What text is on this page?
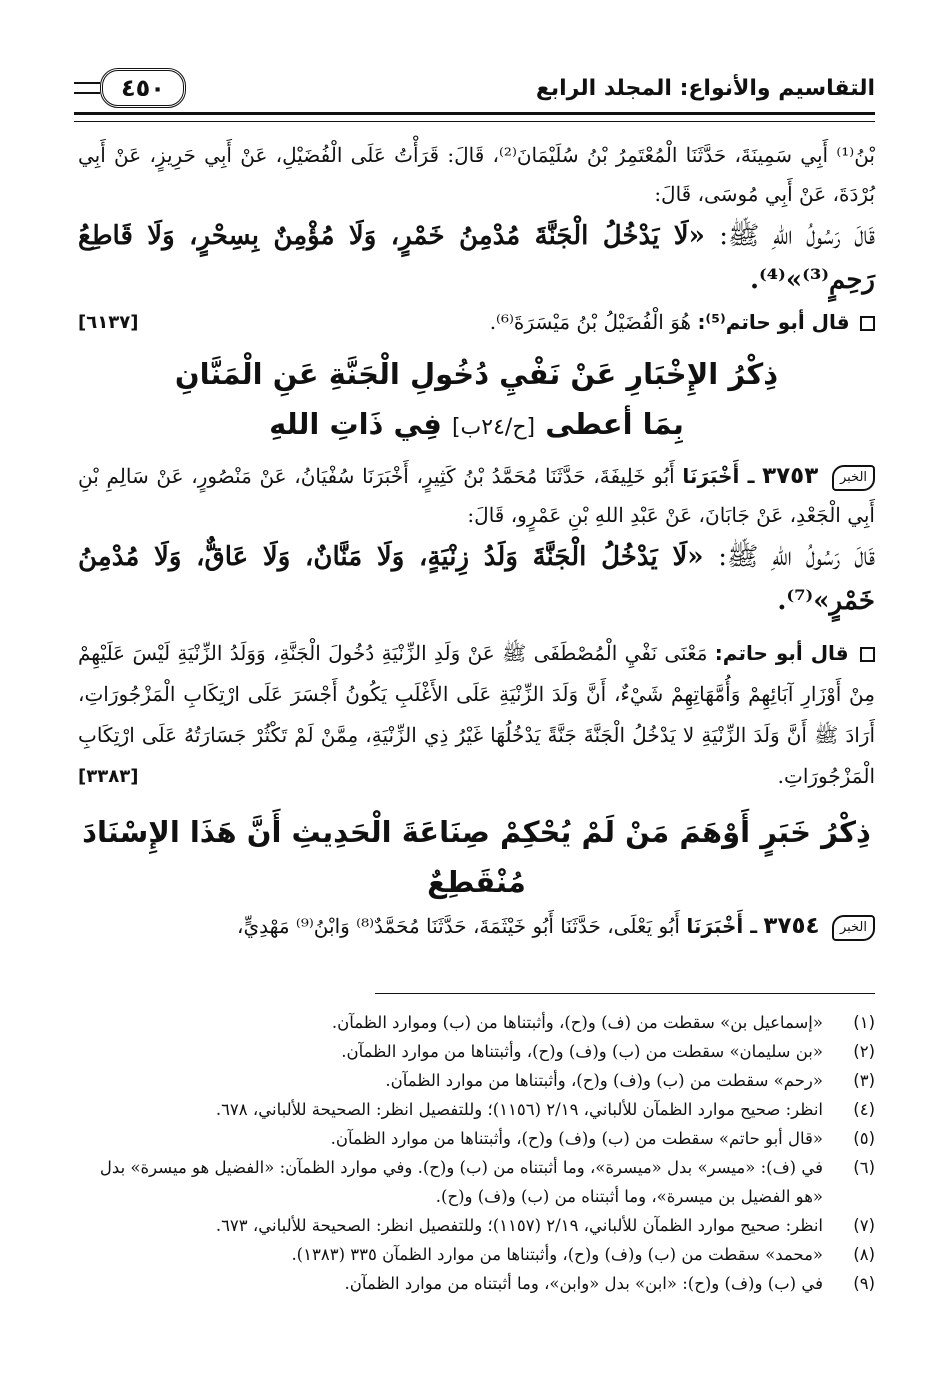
التقاسيم والأنواع: المجلد الرابع
٤٥٠

بْنُ⁽¹⁾ أَبِي سَمِينَةَ، حَدَّثَنَا الْمُعْتَمِرُ بْنُ سُلَيْمَانَ⁽²⁾، قَالَ: قَرَأْتُ عَلَى الْفُضَيْلِ، عَنْ أَبِي حَرِيزٍ، عَنْ أَبِي بُرْدَةَ، عَنْ أَبِي مُوسَى، قَالَ:

قَالَ رَسُولُ اللهِ ﷺ: «لَا يَدْخُلُ الْجَنَّةَ مُدْمِنُ خَمْرٍ، وَلَا مُؤْمِنٌ بِسِحْرٍ، وَلَا قَاطِعُ رَحِمٍ⁽³⁾»⁽⁴⁾.

قال أبو حاتم⁽⁵⁾: هُوَ الْفُضَيْلُ بْنُ مَيْسَرَةَ⁽⁶⁾.
[٦١٣٧]

ذِكْرُ الإِخْبَارِ عَنْ نَفْيِ دُخُولِ الْجَنَّةِ عَنِ الْمَنَّانِ
بِمَا أعطى [ح/٢٤ب] فِي ذَاتِ اللهِ

الخبر ٣٧٥٣ ـ أَخْبَرَنَا أَبُو خَلِيفَةَ، حَدَّثَنَا مُحَمَّدُ بْنُ كَثِيرٍ، أَخْبَرَنَا سُفْيَانُ، عَنْ مَنْصُورٍ، عَنْ سَالِمِ بْنِ أَبِي الْجَعْدِ، عَنْ جَابَانَ، عَنْ عَبْدِ اللهِ بْنِ عَمْرٍو، قَالَ:

قَالَ رَسُولُ اللهِ ﷺ: «لَا يَدْخُلُ الْجَنَّةَ وَلَدُ زِنْيَةٍ، وَلَا مَنَّانٌ، وَلَا عَاقٌّ، وَلَا مُدْمِنُ خَمْرٍ»⁽⁷⁾.

قال أبو حاتم: مَعْنَى نَفْيِ الْمُصْطَفَى ﷺ عَنْ وَلَدِ الزِّنْيَةِ دُخُولَ الْجَنَّةِ، وَوَلَدُ الزِّنْيَةِ لَيْسَ عَلَيْهِمْ مِنْ أَوْزَارِ آبَائِهِمْ وَأُمَّهَاتِهِمْ شَيْءٌ، أَنَّ وَلَدَ الزِّنْيَةِ عَلَى الأَغْلَبِ يَكُونُ أَجْسَرَ عَلَى ارْتِكَابِ الْمَزْجُورَاتِ، أَرَادَ ﷺ أَنَّ وَلَدَ الزِّنْيَةِ لا يَدْخُلُ الْجَنَّةَ جَنَّةً يَدْخُلُهَا غَيْرُ ذِي الزِّنْيَةِ، مِمَّنْ لَمْ تَكْثُرْ جَسَارَتُهُ عَلَى ارْتِكَابِ الْمَزْجُورَاتِ.
[٣٣٨٣]

ذِكْرُ خَبَرٍ أَوْهَمَ مَنْ لَمْ يُحْكِمْ صِنَاعَةَ الْحَدِيثِ أَنَّ هَذَا الإِسْنَادَ مُنْقَطِعٌ

الخبر ٣٧٥٤ ـ أَخْبَرَنَا أَبُو يَعْلَى، حَدَّثَنَا أَبُو خَيْثَمَةَ، حَدَّثَنَا مُحَمَّدٌ⁽⁸⁾ وَابْنُ⁽⁹⁾ مَهْدِيٍّ،

(١)
«إسماعيل بن» سقطت من (ف) و(ح)، وأثبتناها من (ب) وموارد الظمآن.
(٢)
«بن سليمان» سقطت من (ب) و(ف) و(ح)، وأثبتناها من موارد الظمآن.
(٣)
«رحم» سقطت من (ب) و(ف) و(ح)، وأثبتناها من موارد الظمآن.
(٤)
انظر: صحيح موارد الظمآن للألباني، ٢/١٩ (١١٥٦)؛ وللتفصيل انظر: الصحيحة للألباني، ٦٧٨.
(٥)
«قال أبو حاتم» سقطت من (ب) و(ف) و(ح)، وأثبتناها من موارد الظمآن.
(٦)
في (ف): «ميسر» بدل «ميسرة»، وما أثبتناه من (ب) و(ح). وفي موارد الظمآن: «الفضيل هو ميسرة» بدل «هو الفضيل بن ميسرة»، وما أثبتناه من (ب) و(ف) و(ح).
(٧)
انظر: صحيح موارد الظمآن للألباني، ٢/١٩ (١١٥٧)؛ وللتفصيل انظر: الصحيحة للألباني، ٦٧٣.
(٨)
«محمد» سقطت من (ب) و(ف) و(ح)، وأثبتناها من موارد الظمآن ٣٣٥ (١٣٨٣).
(٩)
في (ب) و(ف) و(ح): «ابن» بدل «وابن»، وما أثبتناه من موارد الظمآن.
